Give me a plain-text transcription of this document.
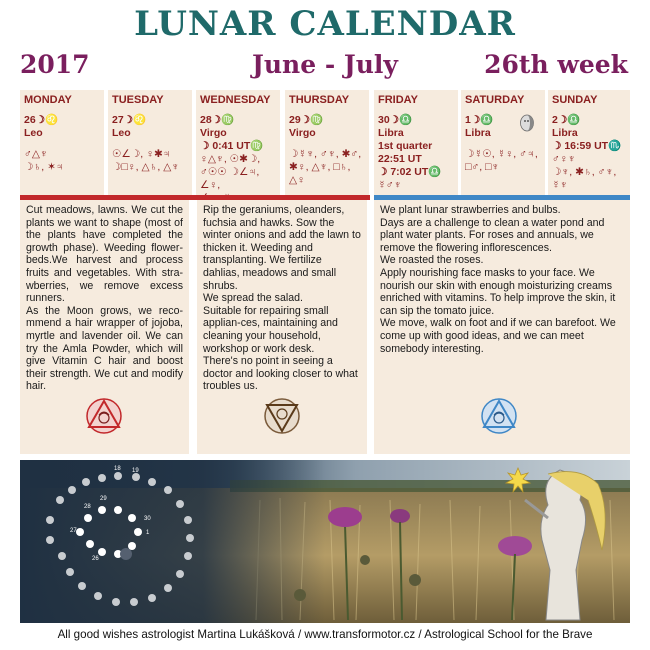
LUNAR CALENDAR
2017	June - July	26th week
MONDAY
26☽♌
Leo
♂△♆
☽♄, ✶♃
TUESDAY
27☽♌
Leo
☉∠☽, ♀✱♃
☽□♀, △♄, △♆
WEDNESDAY
28☽♍
Virgo
☽ 0:41 UT♍
♀△♆, ☉✱☽,
♂☉☉ ☽∠♃, ∠♀,

THURSDAY
29☽♍
Virgo
☽☿♆, ♂♆, ✱♂,
✱♀, △♆, □♄,
△♀
FRIDAY
30☽♎
Libra
1st quarter
22:51 UT
☽ 7:02 UT♎
☿♂♆
SATURDAY
1☽♎
Libra
☽☿☉, ☿♀, ♂♃,
□♂, □♆
SUNDAY
2☽♎
Libra
☽ 16:59 UT♏
♂♀♆
☽♆, ✱♄, ♂♆,
☿♆

Cut meadows, lawns. We cut the plants we want to shape (most of the plants have completed the growth phase). Weeding flower-beds.We harvest and process fruits and vegetables. With stra-wberries, we remove excess runners.

As the Moon grows, we reco-mmend a hair wrapper of jojoba, myrtle and lavender oil. We can try the Amla Powder, which will give Vitamin C hair and boost their strength. We cut and modify hair.

Rip the geraniums, oleanders, fuchsia and hawks. Sow the winter onions and add the lawn to thicken it. Weeding and transplanting. We fertilize dahlias, meadows and small shrubs.

We spread the salad.

Suitable for repairing small applian-ces, maintaining and cleaning your household, workshop or work desk.

There's no point in seeing a doctor and looking closer to what troubles us.

We plant lunar strawberries and bulbs.

Days are a challenge to clean a water pond and plant water plants. For roses and annuals, we remove the flowering inflorescences.

We roasted the roses.

Apply nourishing face masks to your face. We nourish our skin with enough moisturizing creams enriched with vitamins. To help improve the skin, it can sip the tomato juice.

We move, walk on foot and if we can barefoot. We come up with good ideas, and we can meet somebody interesting.

18 19
29
28
27
30
1
26
All good wishes astrologist Martina Lukášková / www.transformotor.cz / Astrological School for the Brave
